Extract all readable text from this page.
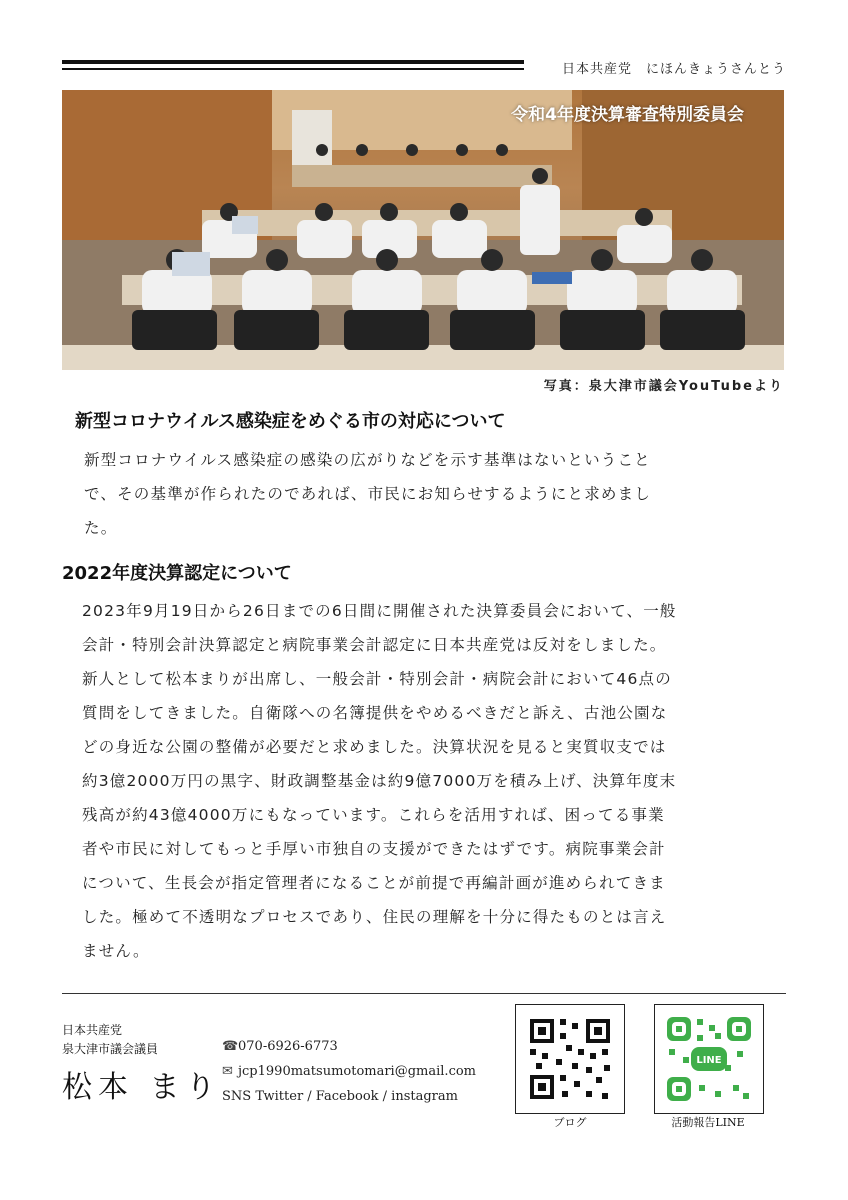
日本共産党　にほんきょうさんとう
令和4年度決算審査特別委員会
写真：泉大津市議会YouTubeより
新型コロナウイルス感染症をめぐる市の対応について
新型コロナウイルス感染症の感染の広がりなどを示す基準はないということ
で、その基準が作られたのであれば、市民にお知らせするようにと求めまし
た。
2022年度決算認定について
2023年9月19日から26日までの6日間に開催された決算委員会において、一般
会計・特別会計決算認定と病院事業会計認定に日本共産党は反対をしました。
新人として松本まりが出席し、一般会計・特別会計・病院会計において46点の
質問をしてきました。自衛隊への名簿提供をやめるべきだと訴え、古池公園な
どの身近な公園の整備が必要だと求めました。決算状況を見ると実質収支では
約3億2000万円の黒字、財政調整基金は約9億7000万を積み上げ、決算年度末
残高が約43億4000万にもなっています。これらを活用すれば、困ってる事業
者や市民に対してもっと手厚い市独自の支援ができたはずです。病院事業会計
について、生長会が指定管理者になることが前提で再編計画が進められてきま
した。極めて不透明なプロセスであり、住民の理解を十分に得たものとは言え
ません。
日本共産党
泉大津市議会議員
松本 まり
☎070-6926-6773
✉ jcp1990matsumotomari@gmail.com
SNS Twitter / Facebook / instagram
ブログ
LINE
活動報告LINE
